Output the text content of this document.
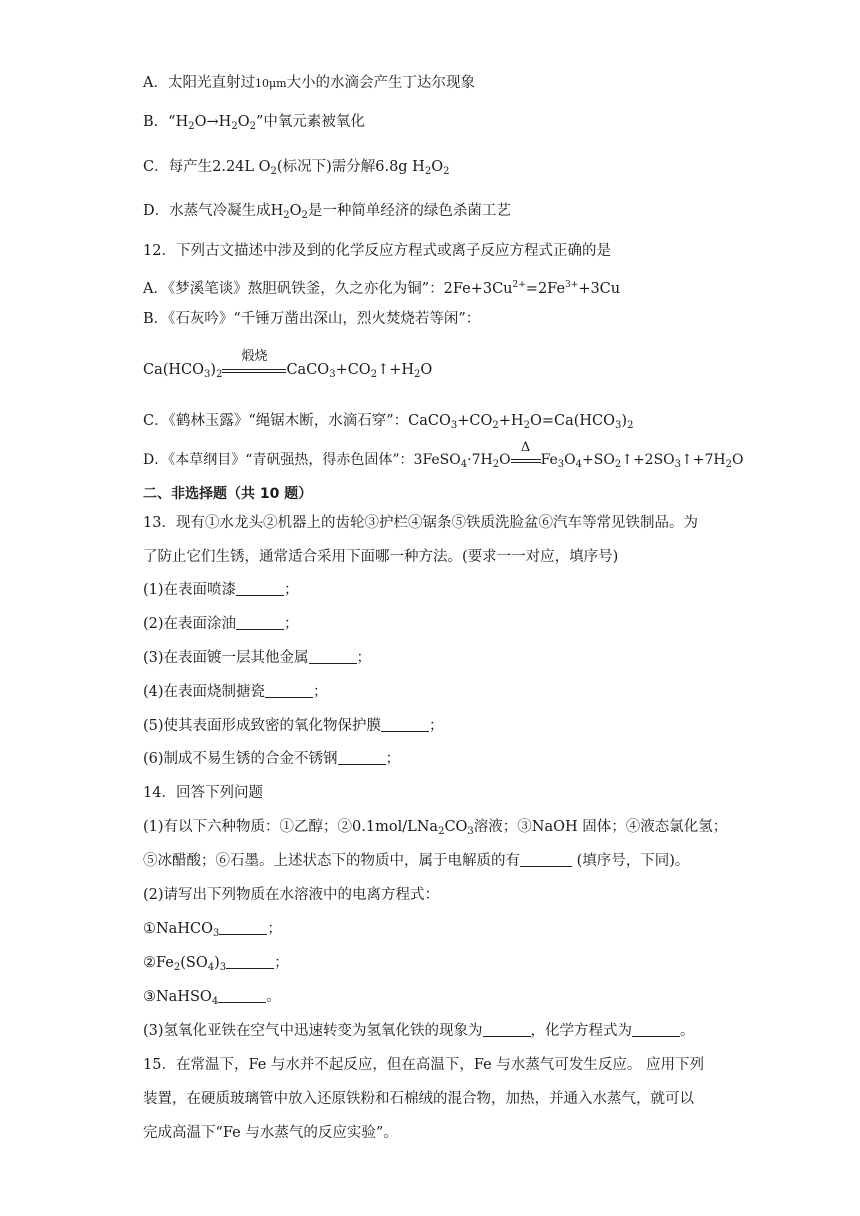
A．太阳光直射过10μm大小的水滴会产生丁达尔现象
B．“$H_2O\to H_2O_2$”中氧元素被氧化
C．每产生2.24L $O_2$(标况下)需分解6.8g $H_2O_2$
D．水蒸气冷凝生成$H_2O_2$是一种简单经济的绿色杀菌工艺
12．下列古文描述中涉及到的化学反应方程式或离子反应方程式正确的是
A．《梦溪笔谈》熬胆矾铁釜，久之亦化为铜”：$2Fe+3Cu^{2+}=2Fe^{3+}+3Cu$
B．《石灰吟》“千锤万凿出深山，烈火焚烧若等闲”：
$Ca(HCO_3)_2$
煅烧
$CaCO_3+CO_2↑+H_2O$
C．《鹤林玉露》“绳锯木断，水滴石穿”：$CaCO_3+CO_2+H_2O=Ca(HCO_3)_2$
D．《本草纲目》“青矾强热，得赤色固体”：$3FeSO_4\cdot 7H_2O$
Δ
$Fe_3O_4+SO_2↑+2SO_3↑+7H_2O$
二、非选择题（共 10 题）
13．现有①水龙头②机器上的齿轮③护栏④锯条⑤铁质洗脸盆⑥汽车等常见铁制品。为
了防止它们生锈，通常适合采用下面哪一种方法。(要求一一对应，填序号)
(1)在表面喷漆	；
(2)在表面涂油	；
(3)在表面镀一层其他金属	；
(4)在表面烧制搪瓷	；
(5)使其表面形成致密的氧化物保护膜	；
(6)制成不易生锈的合金不锈钢	；
14．回答下列问题
(1)有以下六种物质：①乙醇；$②0.1mol/LNa_2CO_3$溶液；③NaOH 固体；④液态氯化氢；
⑤冰醋酸；⑥石墨。上述状态下的物质中，属于电解质的有	(填序号，下同)。
(2)请写出下列物质在水溶液中的电离方程式：
①NaHCO$_3$	；
$②Fe_2(SO_4)_3$	；
③NaHSO$_4$	。
(3)氢氧化亚铁在空气中迅速转变为氢氧化铁的现象为	，化学方程式为	。
15．在常温下，Fe 与水并不起反应，但在高温下，Fe 与水蒸气可发生反应。 应用下列
装置，在硬质玻璃管中放入还原铁粉和石棉绒的混合物，加热，并通入水蒸气，就可以
完成高温下“Fe 与水蒸气的反应实验”。
